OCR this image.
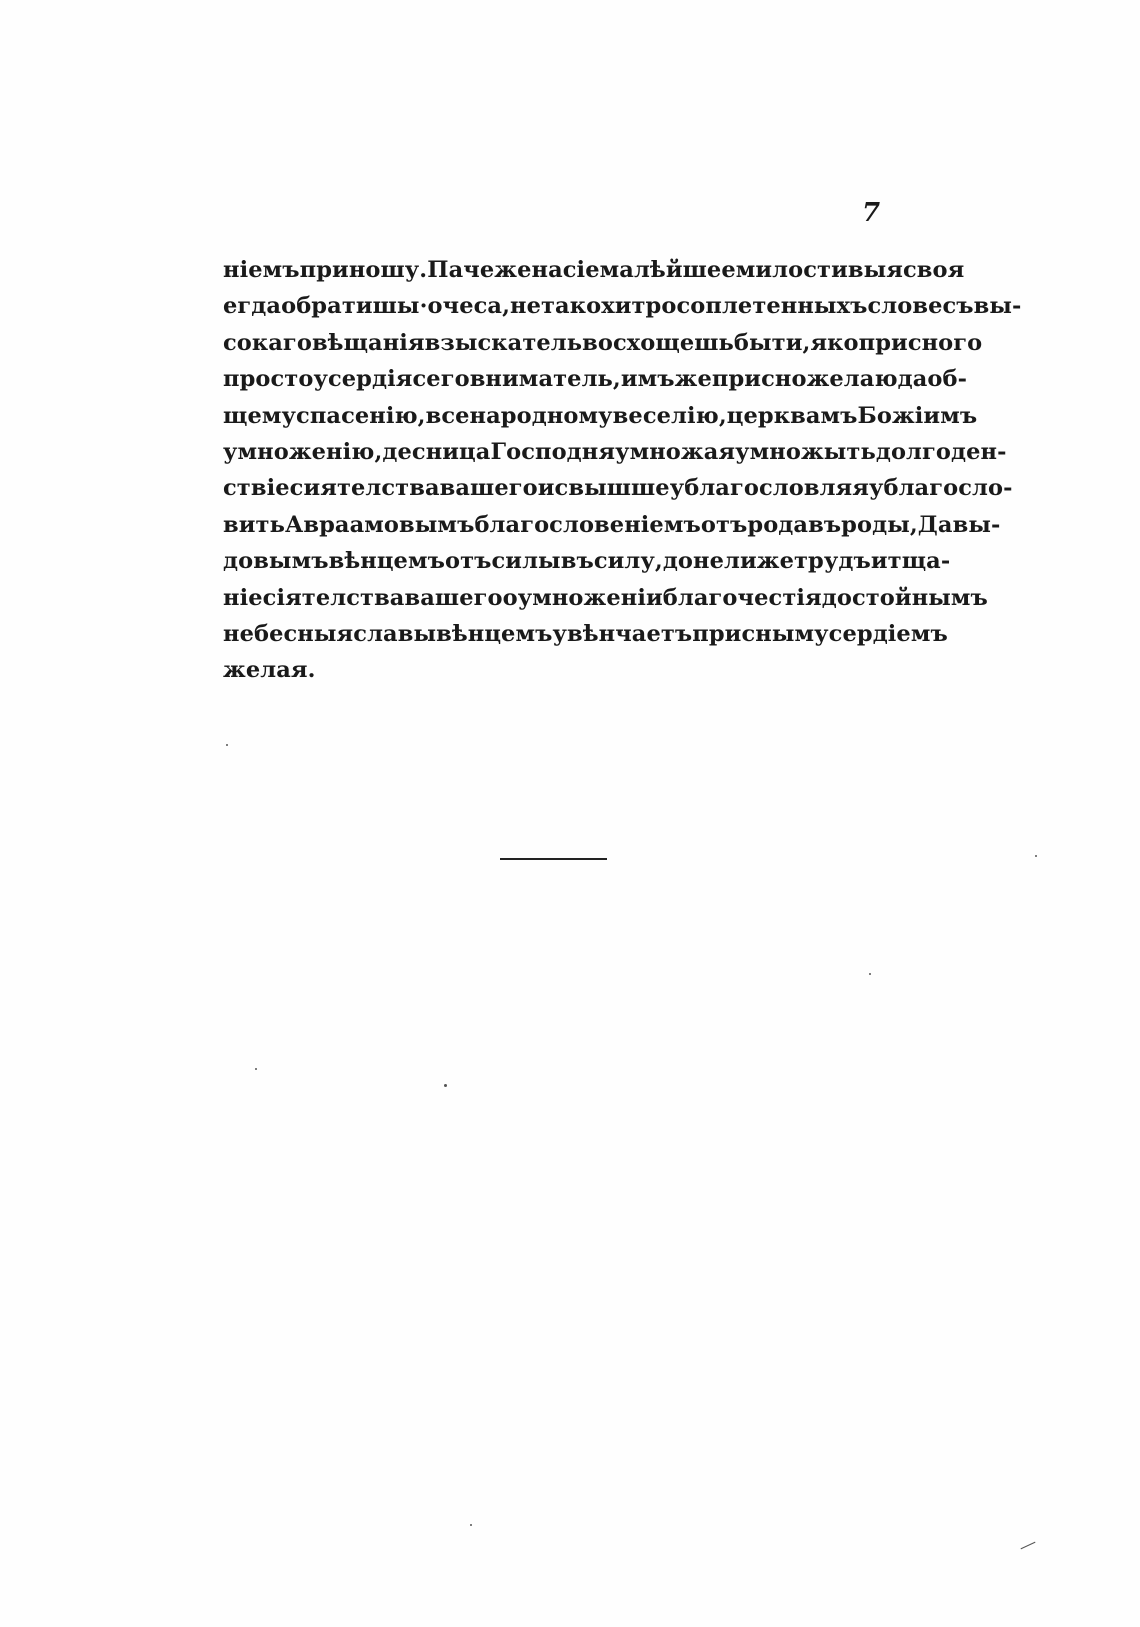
7
ніемъ приношу. Паче же на сіе малѣйшее милостивыя своя
егда обратишы·очеса, не тако хитросоплетенныхъ словесъ вы-
сокаго вѣщанія взыскатель восхощешь быти, яко присного
простоусердія сего вниматель, имъ же присно желаю да об-
щему спасенію, всенародному веселію, церквамъ Божіимъ
умноженію, десница Господня умножая умножыть долгоден-
ствіе сиятелства вашего и свышше ублагословляя ублагосло-
вить Авраамовымъ благословеніемъ отъ рода въ роды, Давы-
довымъ вѣнцемъ отъ силы въ силу, донели же трудъ и тща-
ніе сіятелства вашего о умноженіи благочестія достойнымъ
небесныя славы вѣнцемъ увѣнчаетъ присным усердіемъ
желая.
